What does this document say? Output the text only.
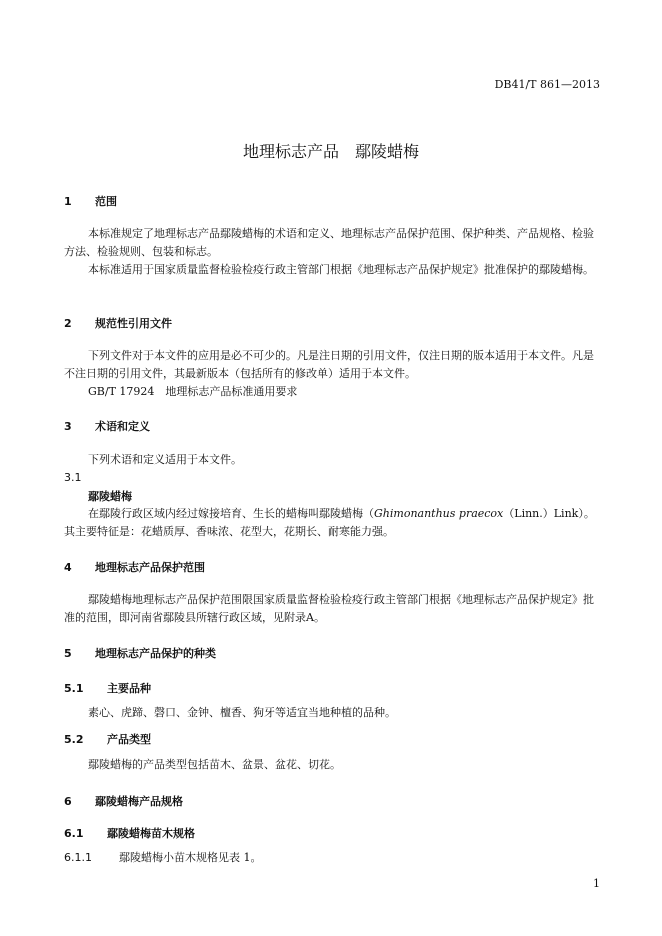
DB41/T 861—2013
地理标志产品　鄢陵蜡梅
1 范围

本标准规定了地理标志产品鄢陵蜡梅的术语和定义、地理标志产品保护范围、保护种类、产品规格、检验方法、检验规则、包装和标志。

本标准适用于国家质量监督检验检疫行政主管部门根据《地理标志产品保护规定》批准保护的鄢陵蜡梅。

2 规范性引用文件

下列文件对于本文件的应用是必不可少的。凡是注日期的引用文件，仅注日期的版本适用于本文件。凡是不注日期的引用文件，其最新版本（包括所有的修改单）适用于本文件。

GB/T 17924　地理标志产品标准通用要求
3 术语和定义
下列术语和定义适用于本文件。
3.1
鄢陵蜡梅

在鄢陵行政区域内经过嫁接培育、生长的蜡梅叫鄢陵蜡梅（Ghimonanthus praecox（Linn.）Link）。其主要特征是：花蜡质厚、香味浓、花型大，花期长、耐寒能力强。

4 地理标志产品保护范围

鄢陵蜡梅地理标志产品保护范围限国家质量监督检验检疫行政主管部门根据《地理标志产品保护规定》批准的范围，即河南省鄢陵县所辖行政区域，见附录A。

5 地理标志产品保护的种类
5.1 主要品种
素心、虎蹄、磬口、金钟、檀香、狗牙等适宜当地种植的品种。
5.2 产品类型
鄢陵蜡梅的产品类型包括苗木、盆景、盆花、切花。
6 鄢陵蜡梅产品规格
6.1 鄢陵蜡梅苗木规格
6.1.1 鄢陵蜡梅小苗木规格见表 1。
1
